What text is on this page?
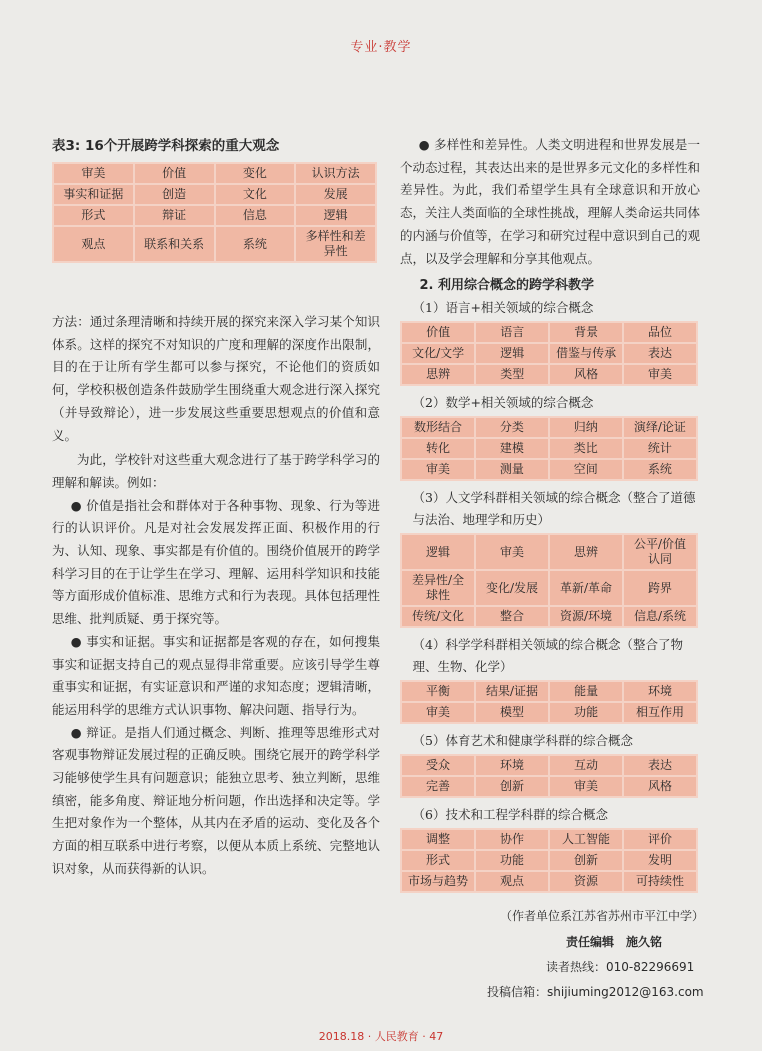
专业·教学
表3: 16个开展跨学科探索的重大观念
审美	价值	变化	认识方法
事实和证据	创造	文化	发展
形式	辩证	信息	逻辑
观点	联系和关系	系统	多样性和差异性

方法：通过条理清晰和持续开展的探究来深入学习某个知识体系。这样的探究不对知识的广度和理解的深度作出限制，目的在于让所有学生都可以参与探究，不论他们的资质如何，学校积极创造条件鼓励学生围绕重大观念进行深入探究（并导致辩论），进一步发展这些重要思想观点的价值和意义。

为此，学校针对这些重大观念进行了基于跨学科学习的理解和解读。例如：

● 价值是指社会和群体对于各种事物、现象、行为等进行的认识评价。凡是对社会发展发挥正面、积极作用的行为、认知、现象、事实都是有价值的。围绕价值展开的跨学科学习目的在于让学生在学习、理解、运用科学知识和技能等方面形成价值标准、思维方式和行为表现。具体包括理性思维、批判质疑、勇于探究等。

● 事实和证据。事实和证据都是客观的存在，如何搜集事实和证据支持自己的观点显得非常重要。应该引导学生尊重事实和证据，有实证意识和严谨的求知态度；逻辑清晰，能运用科学的思维方式认识事物、解决问题、指导行为。

● 辩证。是指人们通过概念、判断、推理等思维形式对客观事物辩证发展过程的正确反映。围绕它展开的跨学科学习能够使学生具有问题意识；能独立思考、独立判断，思维缜密，能多角度、辩证地分析问题，作出选择和决定等。学生把对象作为一个整体，从其内在矛盾的运动、变化及各个方面的相互联系中进行考察，以便从本质上系统、完整地认识对象，从而获得新的认识。

● 多样性和差异性。人类文明进程和世界发展是一个动态过程，其表达出来的是世界多元文化的多样性和差异性。为此，我们希望学生具有全球意识和开放心态，关注人类面临的全球性挑战，理解人类命运共同体的内涵与价值等，在学习和研究过程中意识到自己的观点，以及学会理解和分享其他观点。

2. 利用综合概念的跨学科教学
（1）语言+相关领域的综合概念
价值	语言	背景	品位
文化/文学	逻辑	借鉴与传承	表达
思辨	类型	风格	审美
（2）数学+相关领域的综合概念
数形结合	分类	归纳	演绎/论证
转化	建模	类比	统计
审美	测量	空间	系统
（3）人文学科群相关领域的综合概念（整合了道德与法治、地理学和历史）
逻辑	审美	思辨	公平/价值认同
差异性/全球性	变化/发展	革新/革命	跨界
传统/文化	整合	资源/环境	信息/系统
（4）科学学科群相关领域的综合概念（整合了物理、生物、化学）
平衡	结果/证据	能量	环境
审美	模型	功能	相互作用
（5）体育艺术和健康学科群的综合概念
受众	环境	互动	表达
完善	创新	审美	风格
（6）技术和工程学科群的综合概念
调整	协作	人工智能	评价
形式	功能	创新	发明
市场与趋势	观点	资源	可持续性
（作者单位系江苏省苏州市平江中学）
责任编辑　施久铭
读者热线：010-82296691
投稿信箱：shijiuming2012@163.com
2018.18 · 人民教育 · 47
